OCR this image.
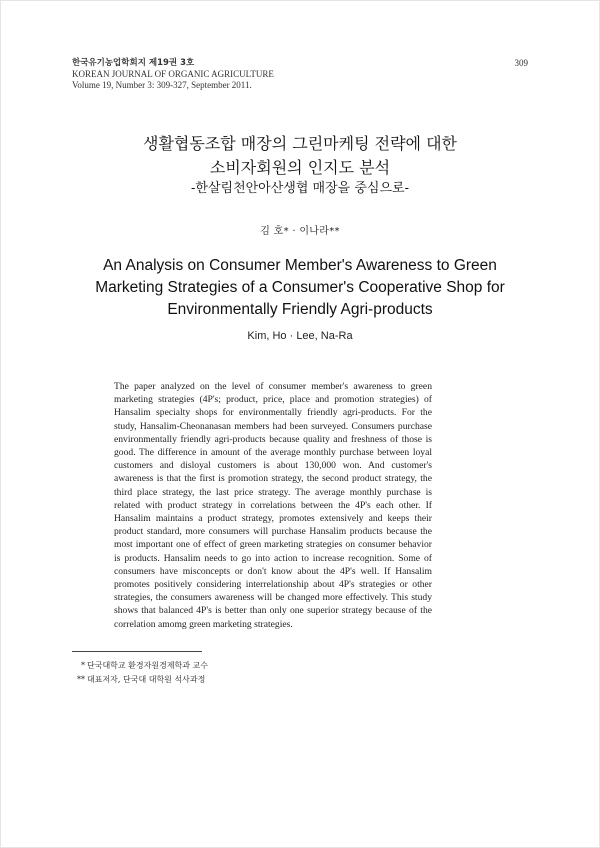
한국유기농업학회지 제19권 3호
KOREAN JOURNAL OF ORGANIC AGRICULTURE
Volume 19, Number 3: 309-327, September 2011.
309
생활협동조합 매장의 그린마케팅 전략에 대한
소비자회원의 인지도 분석
-한살림천안아산생협 매장을 중심으로-
김 호* · 이나라**
An Analysis on Consumer Member's Awareness to Green
Marketing Strategies of a Consumer's Cooperative Shop for
Environmentally Friendly Agri-products
Kim, Ho · Lee, Na-Ra

The paper analyzed on the level of consumer member's awareness to green marketing strategies (4P's; product, price, place and promotion strategies) of Hansalim specialty shops for environmentally friendly agri-products. For the study, Hansalim-Cheonanasan members had been surveyed. Consumers purchase environmentally friendly agri-products because quality and freshness of those is good. The difference in amount of the average monthly purchase between loyal customers and disloyal customers is about 130,000 won. And customer's awareness is that the first is promotion strategy, the second product strategy, the third place strategy, the last price strategy. The average monthly purchase is related with product strategy in correlations between the 4P's each other. If Hansalim maintains a product strategy, promotes extensively and keeps their product standard, more consumers will purchase Hansalim products because the most important one of effect of green marketing strategies on consumer behavior is products. Hansalim needs to go into action to increase recognition. Some of consumers have misconcepts or don't know about the 4P's well. If Hansalim promotes positively considering interrelationship about 4P's strategies or other strategies, the consumers awareness will be changed more effectively. This study shows that balanced 4P's is better than only one superior strategy because of the correlation amomg green marketing strategies.

* 단국대학교 환경자원경제학과 교수
** 대표저자, 단국대 대학원 석사과정
